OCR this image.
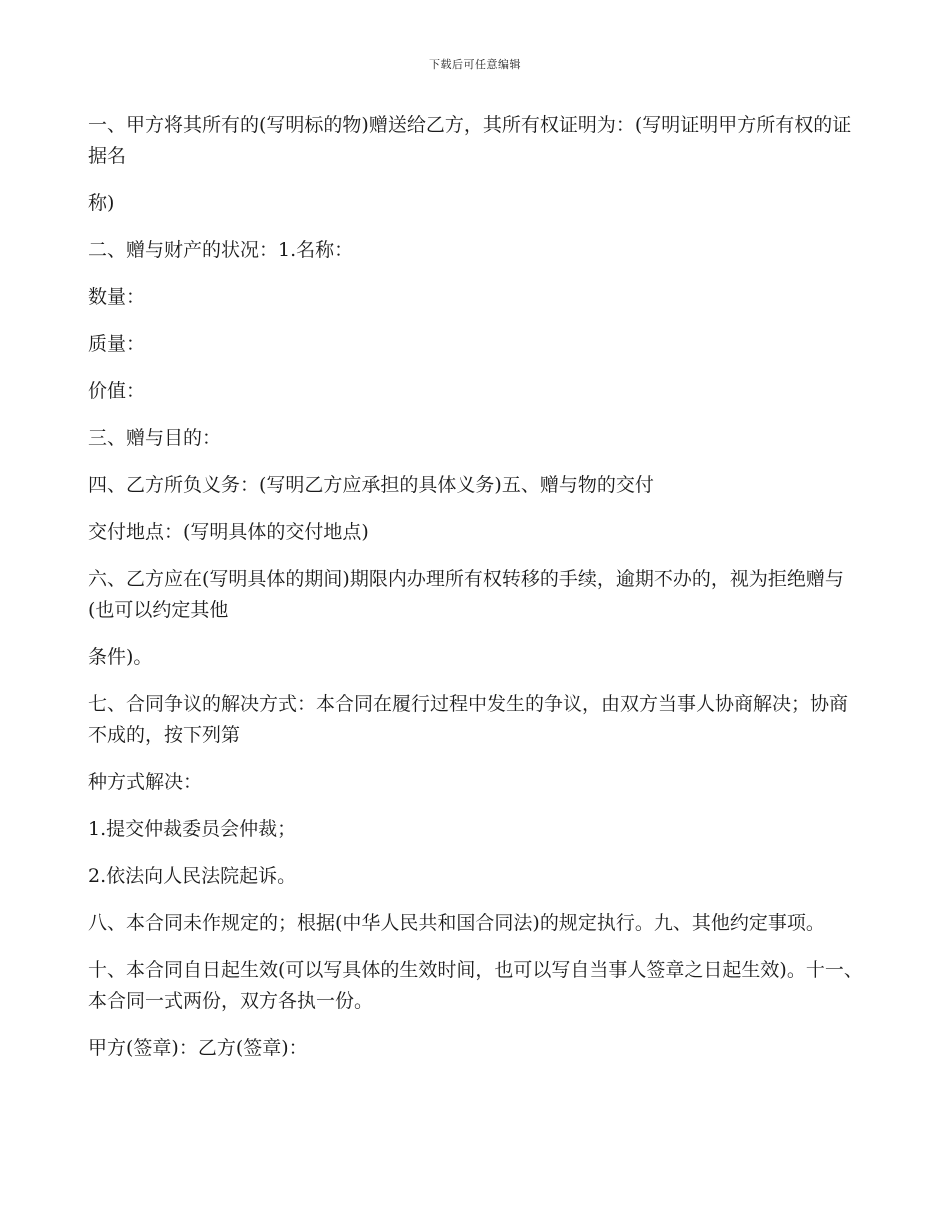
下载后可任意编辑

一、甲方将其所有的(写明标的物)赠送给乙方，其所有权证明为：(写明证明甲方所有权的证据名

称)

二、赠与财产的状况：1.名称：

数量：

质量：

价值：

三、赠与目的：

四、乙方所负义务：(写明乙方应承担的具体义务)五、赠与物的交付

交付地点：(写明具体的交付地点)

六、乙方应在(写明具体的期间)期限内办理所有权转移的手续，逾期不办的，视为拒绝赠与(也可以约定其他

条件)。

七、合同争议的解决方式：本合同在履行过程中发生的争议，由双方当事人协商解决；协商不成的，按下列第

种方式解决：

1.提交仲裁委员会仲裁；

2.依法向人民法院起诉。

八、本合同未作规定的；根据(中华人民共和国合同法)的规定执行。九、其他约定事项。

十、本合同自日起生效(可以写具体的生效时间，也可以写自当事人签章之日起生效)。十一、本合同一式两份，双方各执一份。

甲方(签章)：乙方(签章)：
